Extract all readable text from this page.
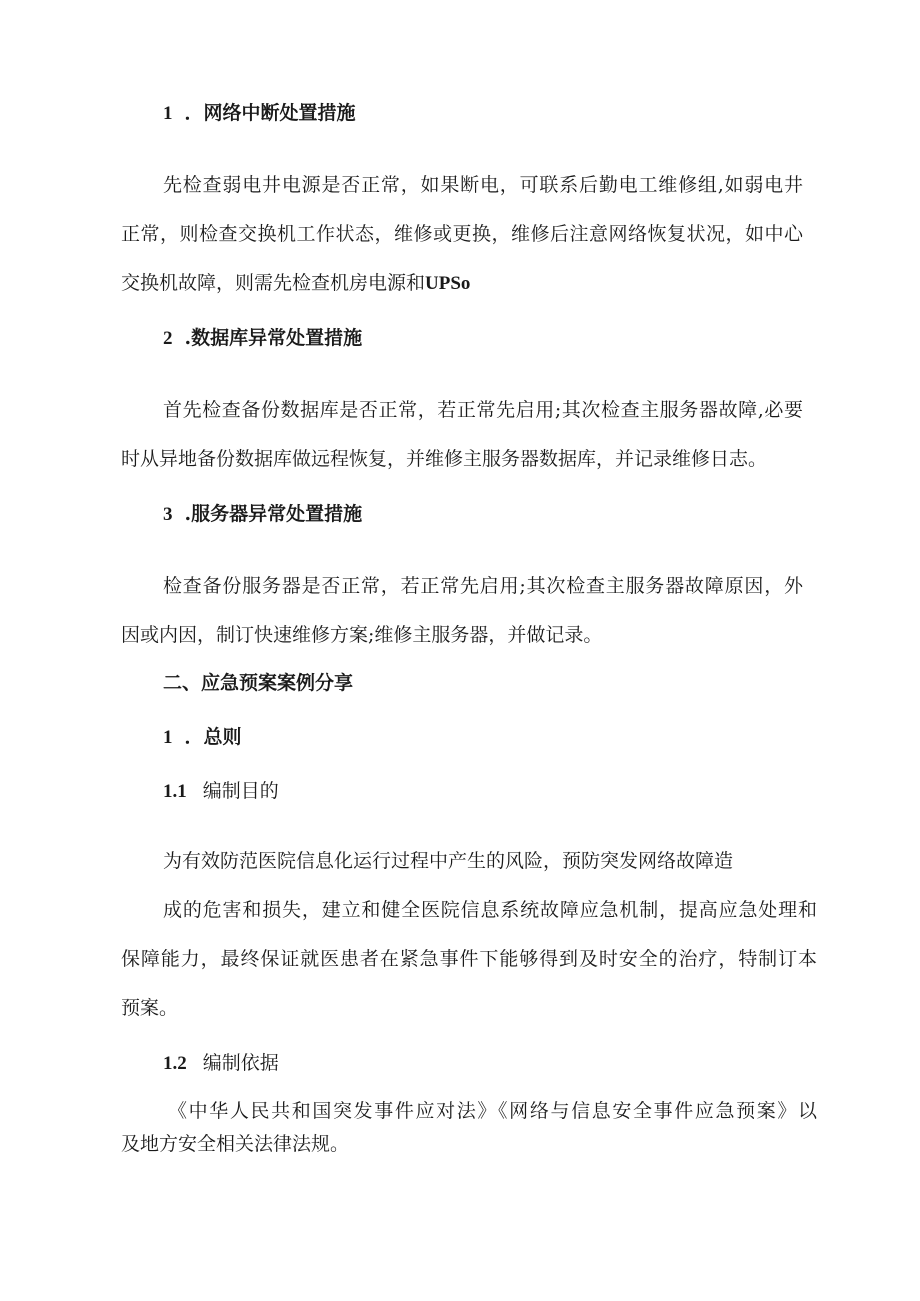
1 ．网络中断处置措施

先检查弱电井电源是否正常，如果断电，可联系后勤电工维修组,如弱电井

正常，则检查交换机工作状态，维修或更换，维修后注意网络恢复状况，如中心

交换机故障，则需先检查机房电源和UPSo

2 .数据库异常处置措施

首先检查备份数据库是否正常，若正常先启用;其次检查主服务器故障,必要

时从异地备份数据库做远程恢复，并维修主服务器数据库，并记录维修日志。

3 .服务器异常处置措施

检查备份服务器是否正常，若正常先启用;其次检查主服务器故障原因，外

因或内因，制订快速维修方案;维修主服务器，并做记录。

二、应急预案案例分享

1 ．总则

1.1 编制目的

为有效防范医院信息化运行过程中产生的风险，预防突发网络故障造

成的危害和损失，建立和健全医院信息系统故障应急机制，提高应急处理和

保障能力，最终保证就医患者在紧急事件下能够得到及时安全的治疗，特制订本

预案。

1.2 编制依据

《中华人民共和国突发事件应对法》《网络与信息安全事件应急预案》以

及地方安全相关法律法规。
